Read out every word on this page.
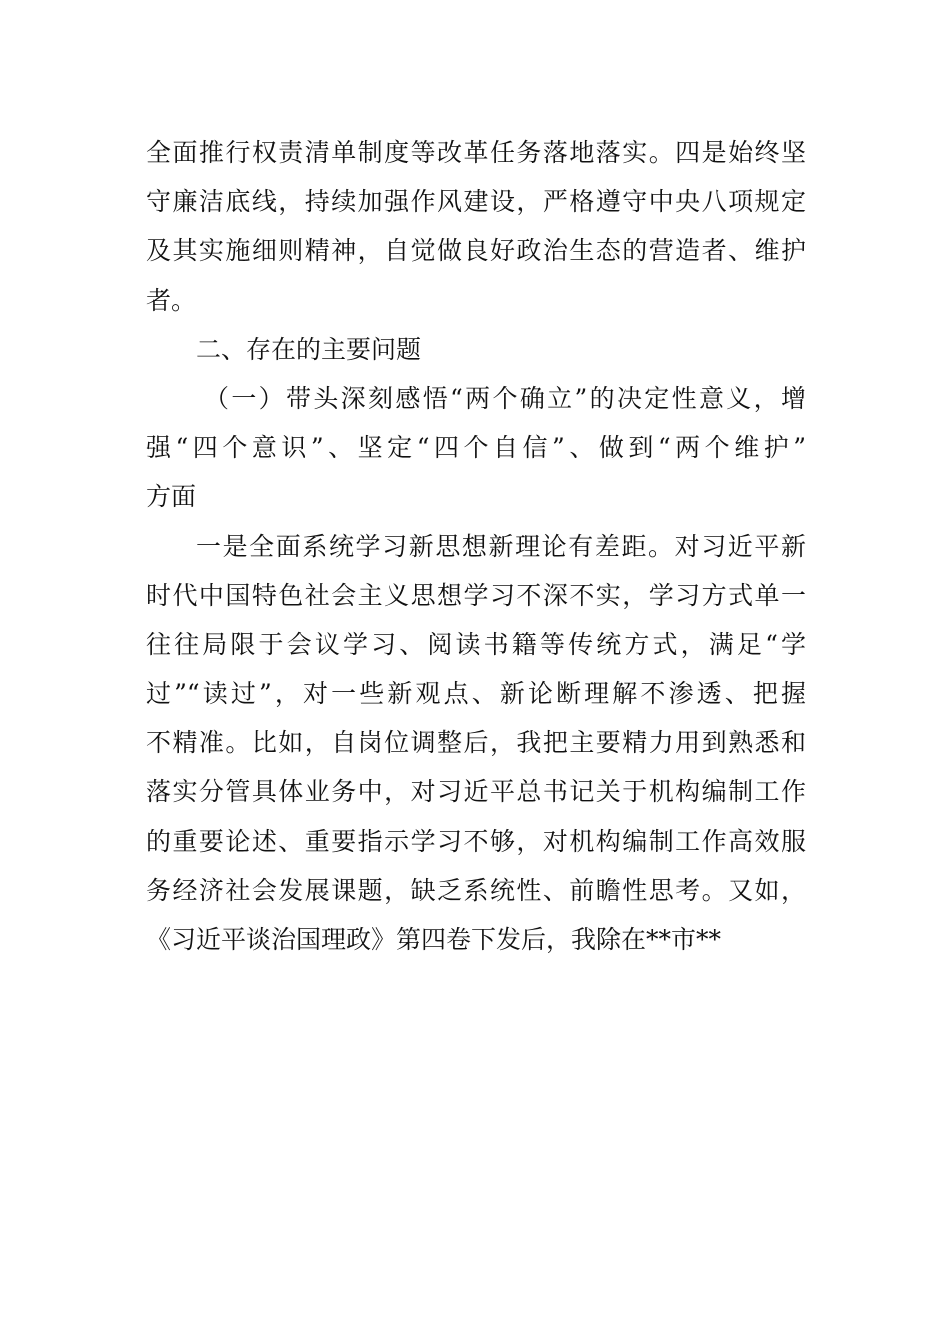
全面推行权责清单制度等改革任务落地落实。四是始终坚
守廉洁底线，持续加强作风建设，严格遵守中央八项规定
及其实施细则精神，自觉做良好政治生态的营造者、维护
者。
二、存在的主要问题
（一）带头深刻感悟“两个确立”的决定性意义，增
强“四个意识”、坚定“四个自信”、做到“两个维护”
方面
一是全面系统学习新思想新理论有差距。对习近平新
时代中国特色社会主义思想学习不深不实，学习方式单一
往往局限于会议学习、阅读书籍等传统方式，满足“学
过”“读过”，对一些新观点、新论断理解不渗透、把握
不精准。比如，自岗位调整后，我把主要精力用到熟悉和
落实分管具体业务中，对习近平总书记关于机构编制工作
的重要论述、重要指示学习不够，对机构编制工作高效服
务经济社会发展课题，缺乏系统性、前瞻性思考。又如，
《习近平谈治国理政》第四卷下发后，我除在**市**
